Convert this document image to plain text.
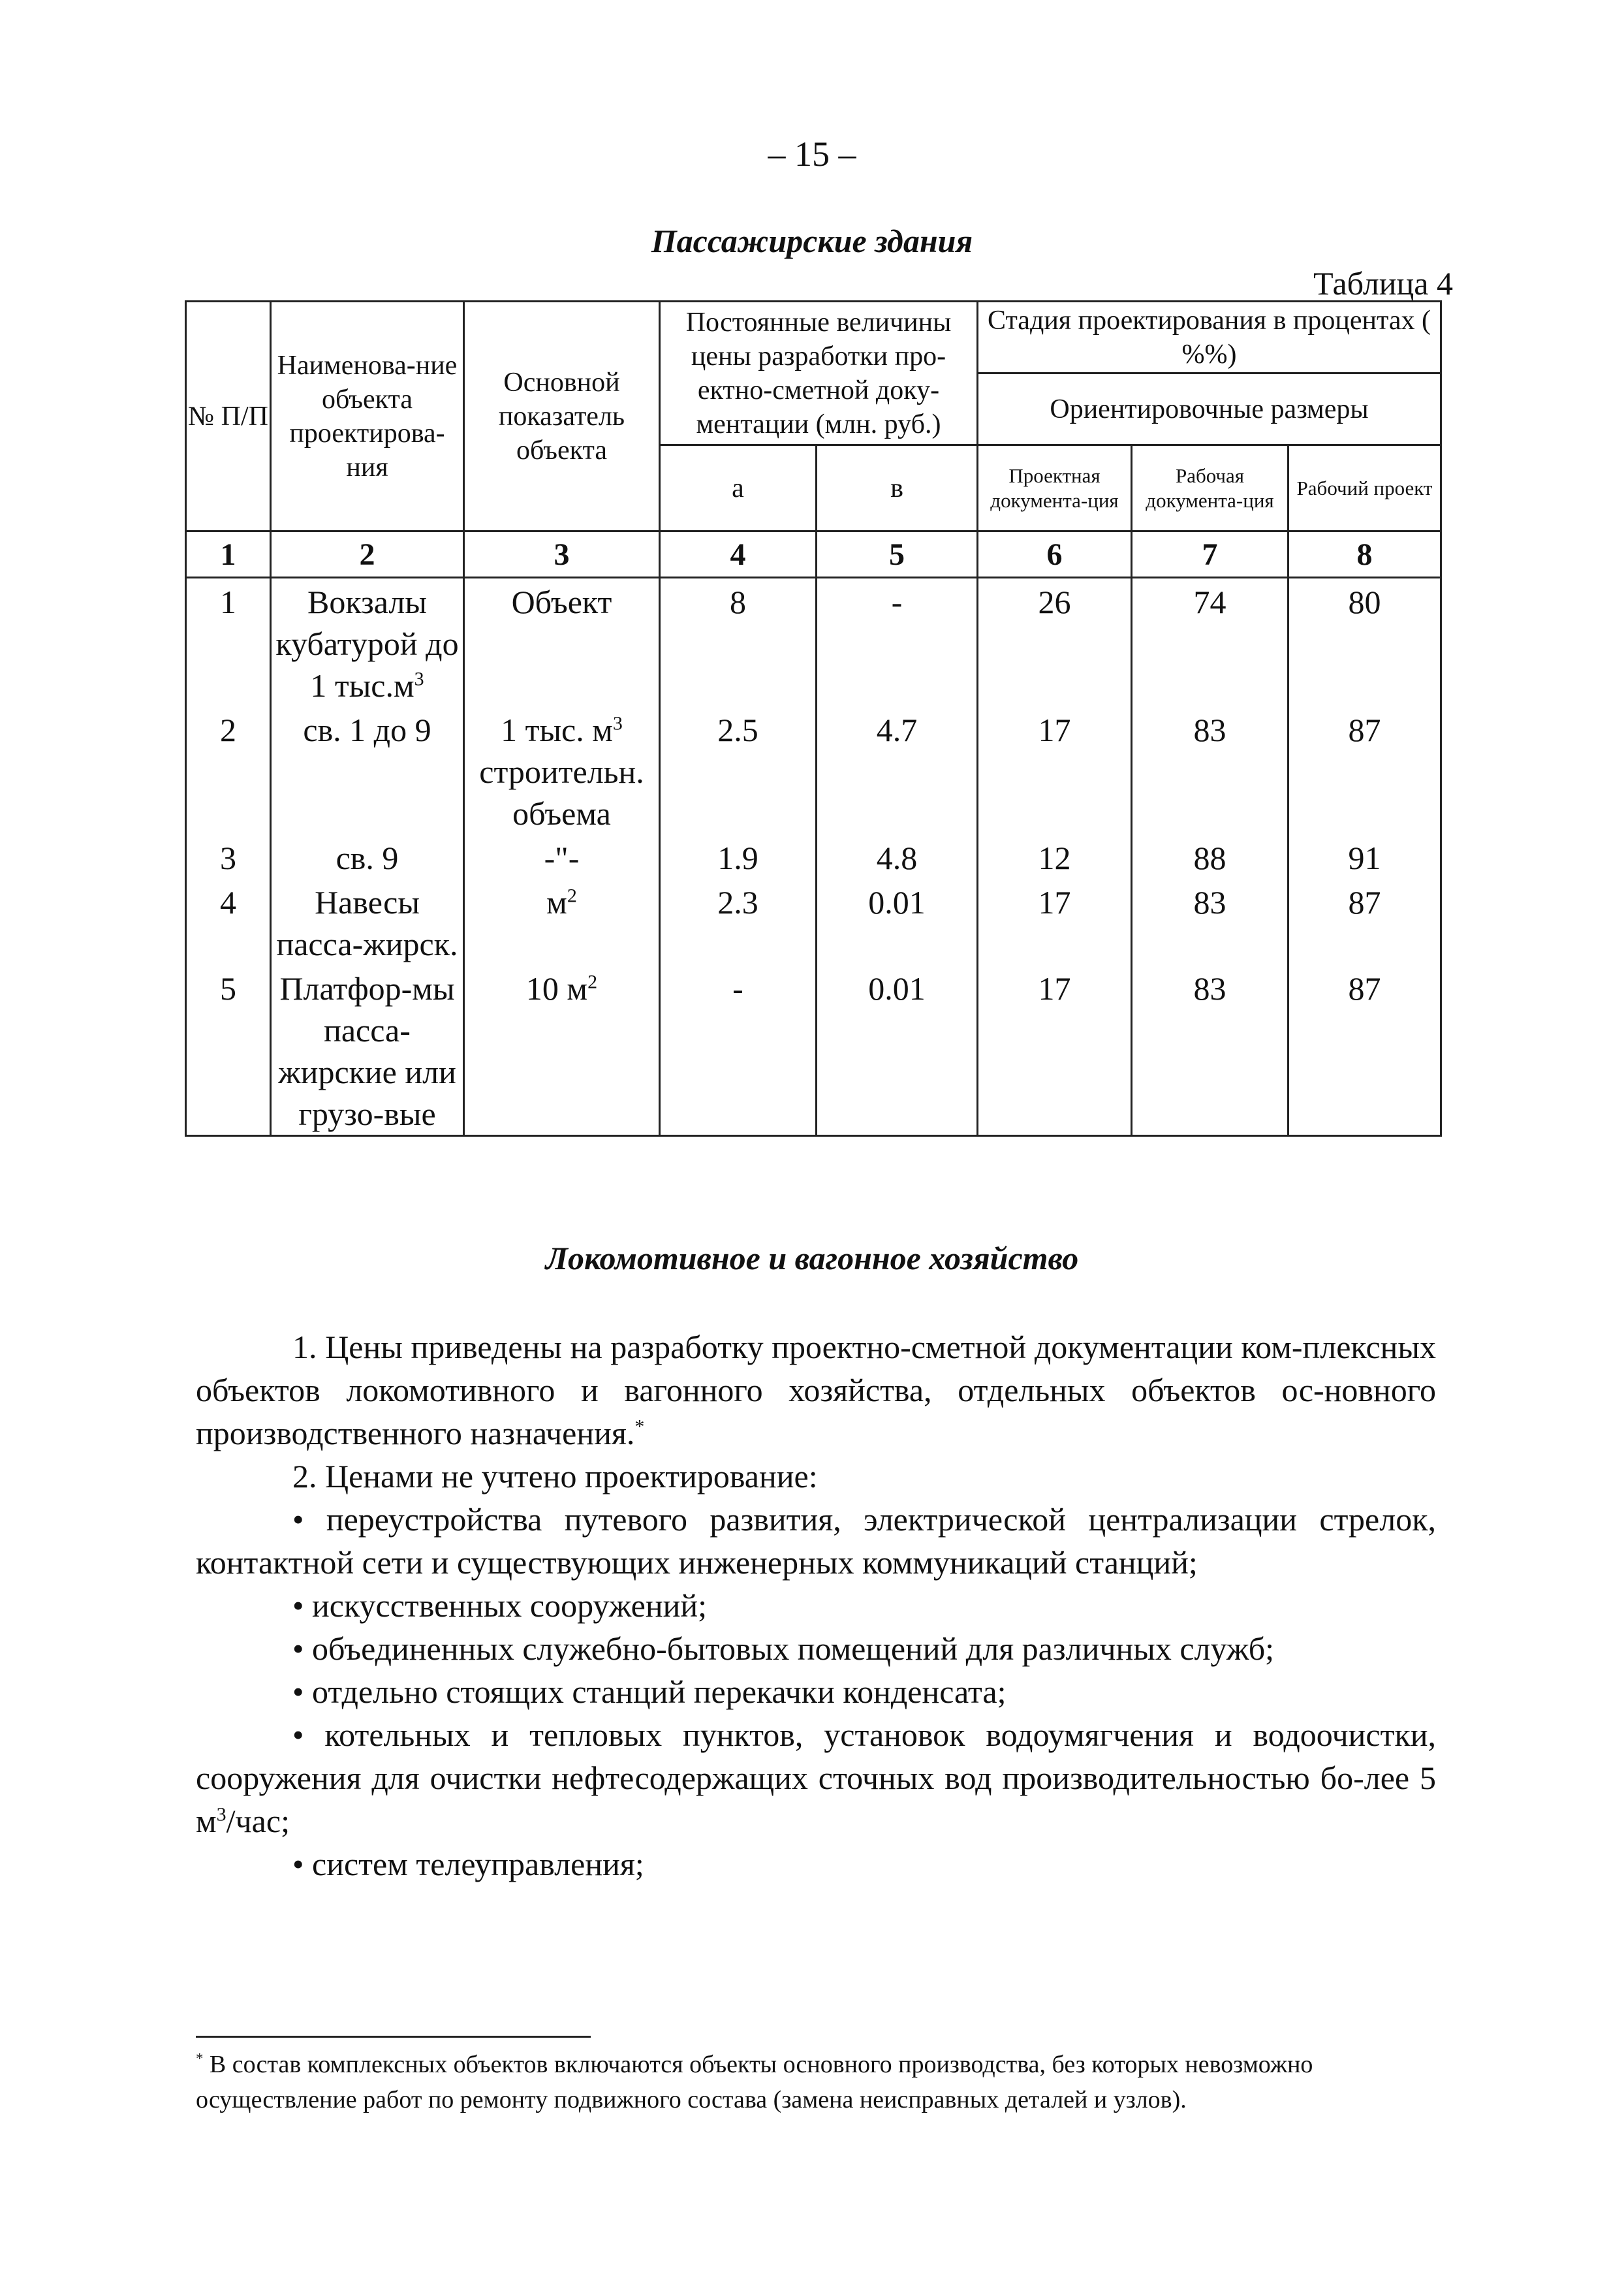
– 15 –
Пассажирские здания
Таблица 4
№ П/П	Наименова-ние объекта проектирова-ния	Основной показатель объекта	Постоянные величины цены разработки про-ектно-сметной доку-ментации (млн. руб.)		Стадия проектирования в процентах ( %%)		
					Ориентировочные размеры		
			а	в	Проектная документа-ция	Рабочая документа-ция	Рабочий проект
1	2	3	4	5	6	7	8
1	Вокзалы кубатурой до 1 $тыс.м^3$	Объект	8	-	26	74	80
2	св. 1 до 9	1 тыс. $м^3$ строительн. объема	2.5	4.7	17	83	87
3	св. 9	-"-	1.9	4.8	12	88	91
4	Навесы пасса-жирск.	$м^2$	2.3	0.01	17	83	87
5	Платфор-мы пасса-жирские или грузо-вые	10 $м^2$	-	0.01	17	83	87
Локомотивное и вагонное хозяйство
1. Цены приведены на разработку проектно-сметной документации ком-плексных объектов локомотивного и вагонного хозяйства, отдельных объектов ос-новного производственного назначения.*
2. Ценами не учтено проектирование:
• переустройства путевого развития, электрической централизации стрелок, контактной сети и существующих инженерных коммуникаций станций;
• искусственных сооружений;
• объединенных служебно-бытовых помещений для различных служб;
• отдельно стоящих станций перекачки конденсата;
• котельных и тепловых пунктов, установок водоумягчения и водоочистки, сооружения для очистки нефтесодержащих сточных вод производительностью бо-лее 5 $м^3$/час;
• систем телеуправления;
* В состав комплексных объектов включаются объекты основного производства, без которых невозможно осуществление работ по ремонту подвижного состава (замена неисправных деталей и узлов).
